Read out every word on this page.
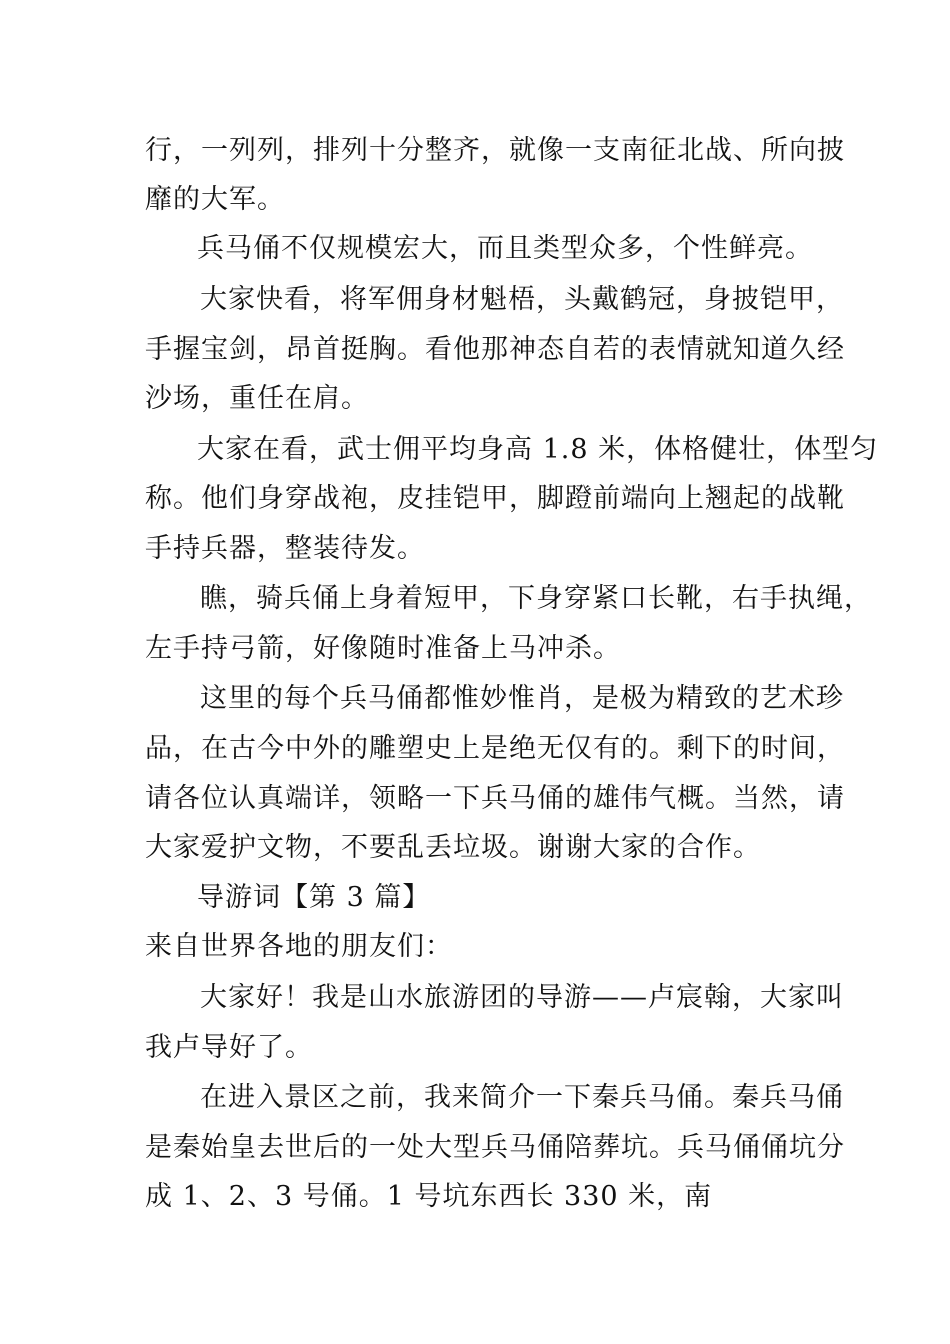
行，一列列，排列十分整齐，就像一支南征北战、所向披
靡的大军。
兵马俑不仅规模宏大，而且类型众多，个性鲜亮。
大家快看，将军佣身材魁梧，头戴鹤冠，身披铠甲，
手握宝剑，昂首挺胸。看他那神态自若的表情就知道久经
沙场，重任在肩。
大家在看，武士佣平均身高 1.8 米，体格健壮，体型匀
称。他们身穿战袍，皮挂铠甲，脚蹬前端向上翘起的战靴
手持兵器，整装待发。
瞧，骑兵俑上身着短甲，下身穿紧口长靴，右手执绳，
左手持弓箭，好像随时准备上马冲杀。
这里的每个兵马俑都惟妙惟肖，是极为精致的艺术珍
品，在古今中外的雕塑史上是绝无仅有的。剩下的时间，
请各位认真端详，领略一下兵马俑的雄伟气概。当然，请
大家爱护文物，不要乱丢垃圾。谢谢大家的合作。
导游词【第 3 篇】
来自世界各地的朋友们：
大家好！我是山水旅游团的导游——卢宸翰，大家叫
我卢导好了。
在进入景区之前，我来简介一下秦兵马俑。秦兵马俑
是秦始皇去世后的一处大型兵马俑陪葬坑。兵马俑俑坑分
成 1、2、3 号俑。1 号坑东西长 330 米，南
